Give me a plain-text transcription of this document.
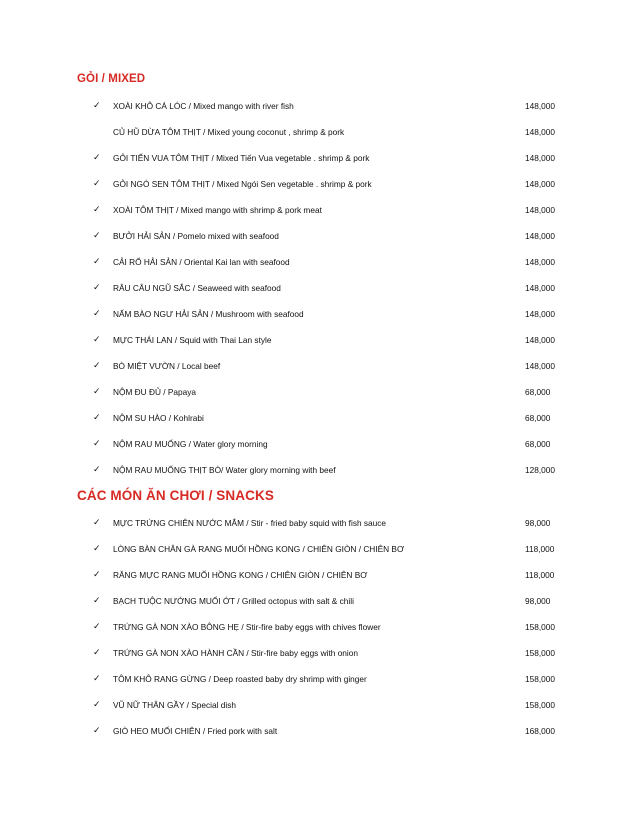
GỎI / MIXED
✓ XOÀI KHÔ CÁ LÓC / Mixed mango with river fish	148,000
CỦ HŨ DỪA TÔM THỊT / Mixed young coconut , shrimp & pork	148,000
✓ GỎI TIẾN VUA TÔM THỊT / Mixed Tiến Vua vegetable . shrimp & pork	148,000
✓ GỎI NGÓ SEN TÔM THỊT / Mixed Ngói Sen vegetable . shrimp & pork	148,000
✓ XOÀI TÔM THỊT / Mixed mango with shrimp & pork meat	148,000
✓ BƯỞI HẢI SẢN / Pomelo mixed with seafood	148,000
✓ CẢI RỔ HẢI SẢN / Oriental Kai lan with seafood	148,000
✓ RÂU CÂU NGŨ SẮC / Seaweed with seafood	148,000
✓ NẤM BÀO NGƯ HẢI SẢN / Mushroom with seafood	148,000
✓ MỰC THÁI LAN / Squid with Thai Lan style	148,000
✓ BÒ MIỆT VƯỜN / Local beef	148,000
✓ NỘM ĐU ĐỦ / Papaya	68,000
✓ NỘM SU HÀO / Kohlrabi	68,000
✓ NỘM RAU MUỐNG / Water glory morning	68,000
✓ NỘM RAU MUỐNG THỊT BÒ/ Water glory morning with beef	128,000
CÁC MÓN ĂN CHƠI / SNACKS
✓ MỰC TRỨNG CHIÊN NƯỚC MẮM / Stir - fried baby squid with fish sauce	98,000
✓ LÒNG BÀN CHÂN GÀ RANG MUỐI HỒNG KONG / CHIÊN GIÒN / CHIÊN BƠ	118,000
✓ RĂNG MỰC RANG MUỐI HỒNG KONG / CHIÊN GIÒN / CHIÊN BƠ	118,000
✓ BẠCH TUỘC NƯỚNG MUỐI ỚT / Grilled octopus with salt & chili	98,000
✓ TRỨNG GÀ NON XÀO BÔNG HẸ / Stir-fire baby eggs with chives flower	158,000
✓ TRỨNG GÀ NON XÀO HÀNH CẦN / Stir-fire baby eggs with onion	158,000
✓ TÔM KHÔ RANG GỪNG / Deep roasted baby dry shrimp with ginger	158,000
✓ VŨ NỮ THÂN GẦY / Special dish	158,000
✓ GIÒ HEO MUỐI CHIÊN / Fried pork with salt	168,000
